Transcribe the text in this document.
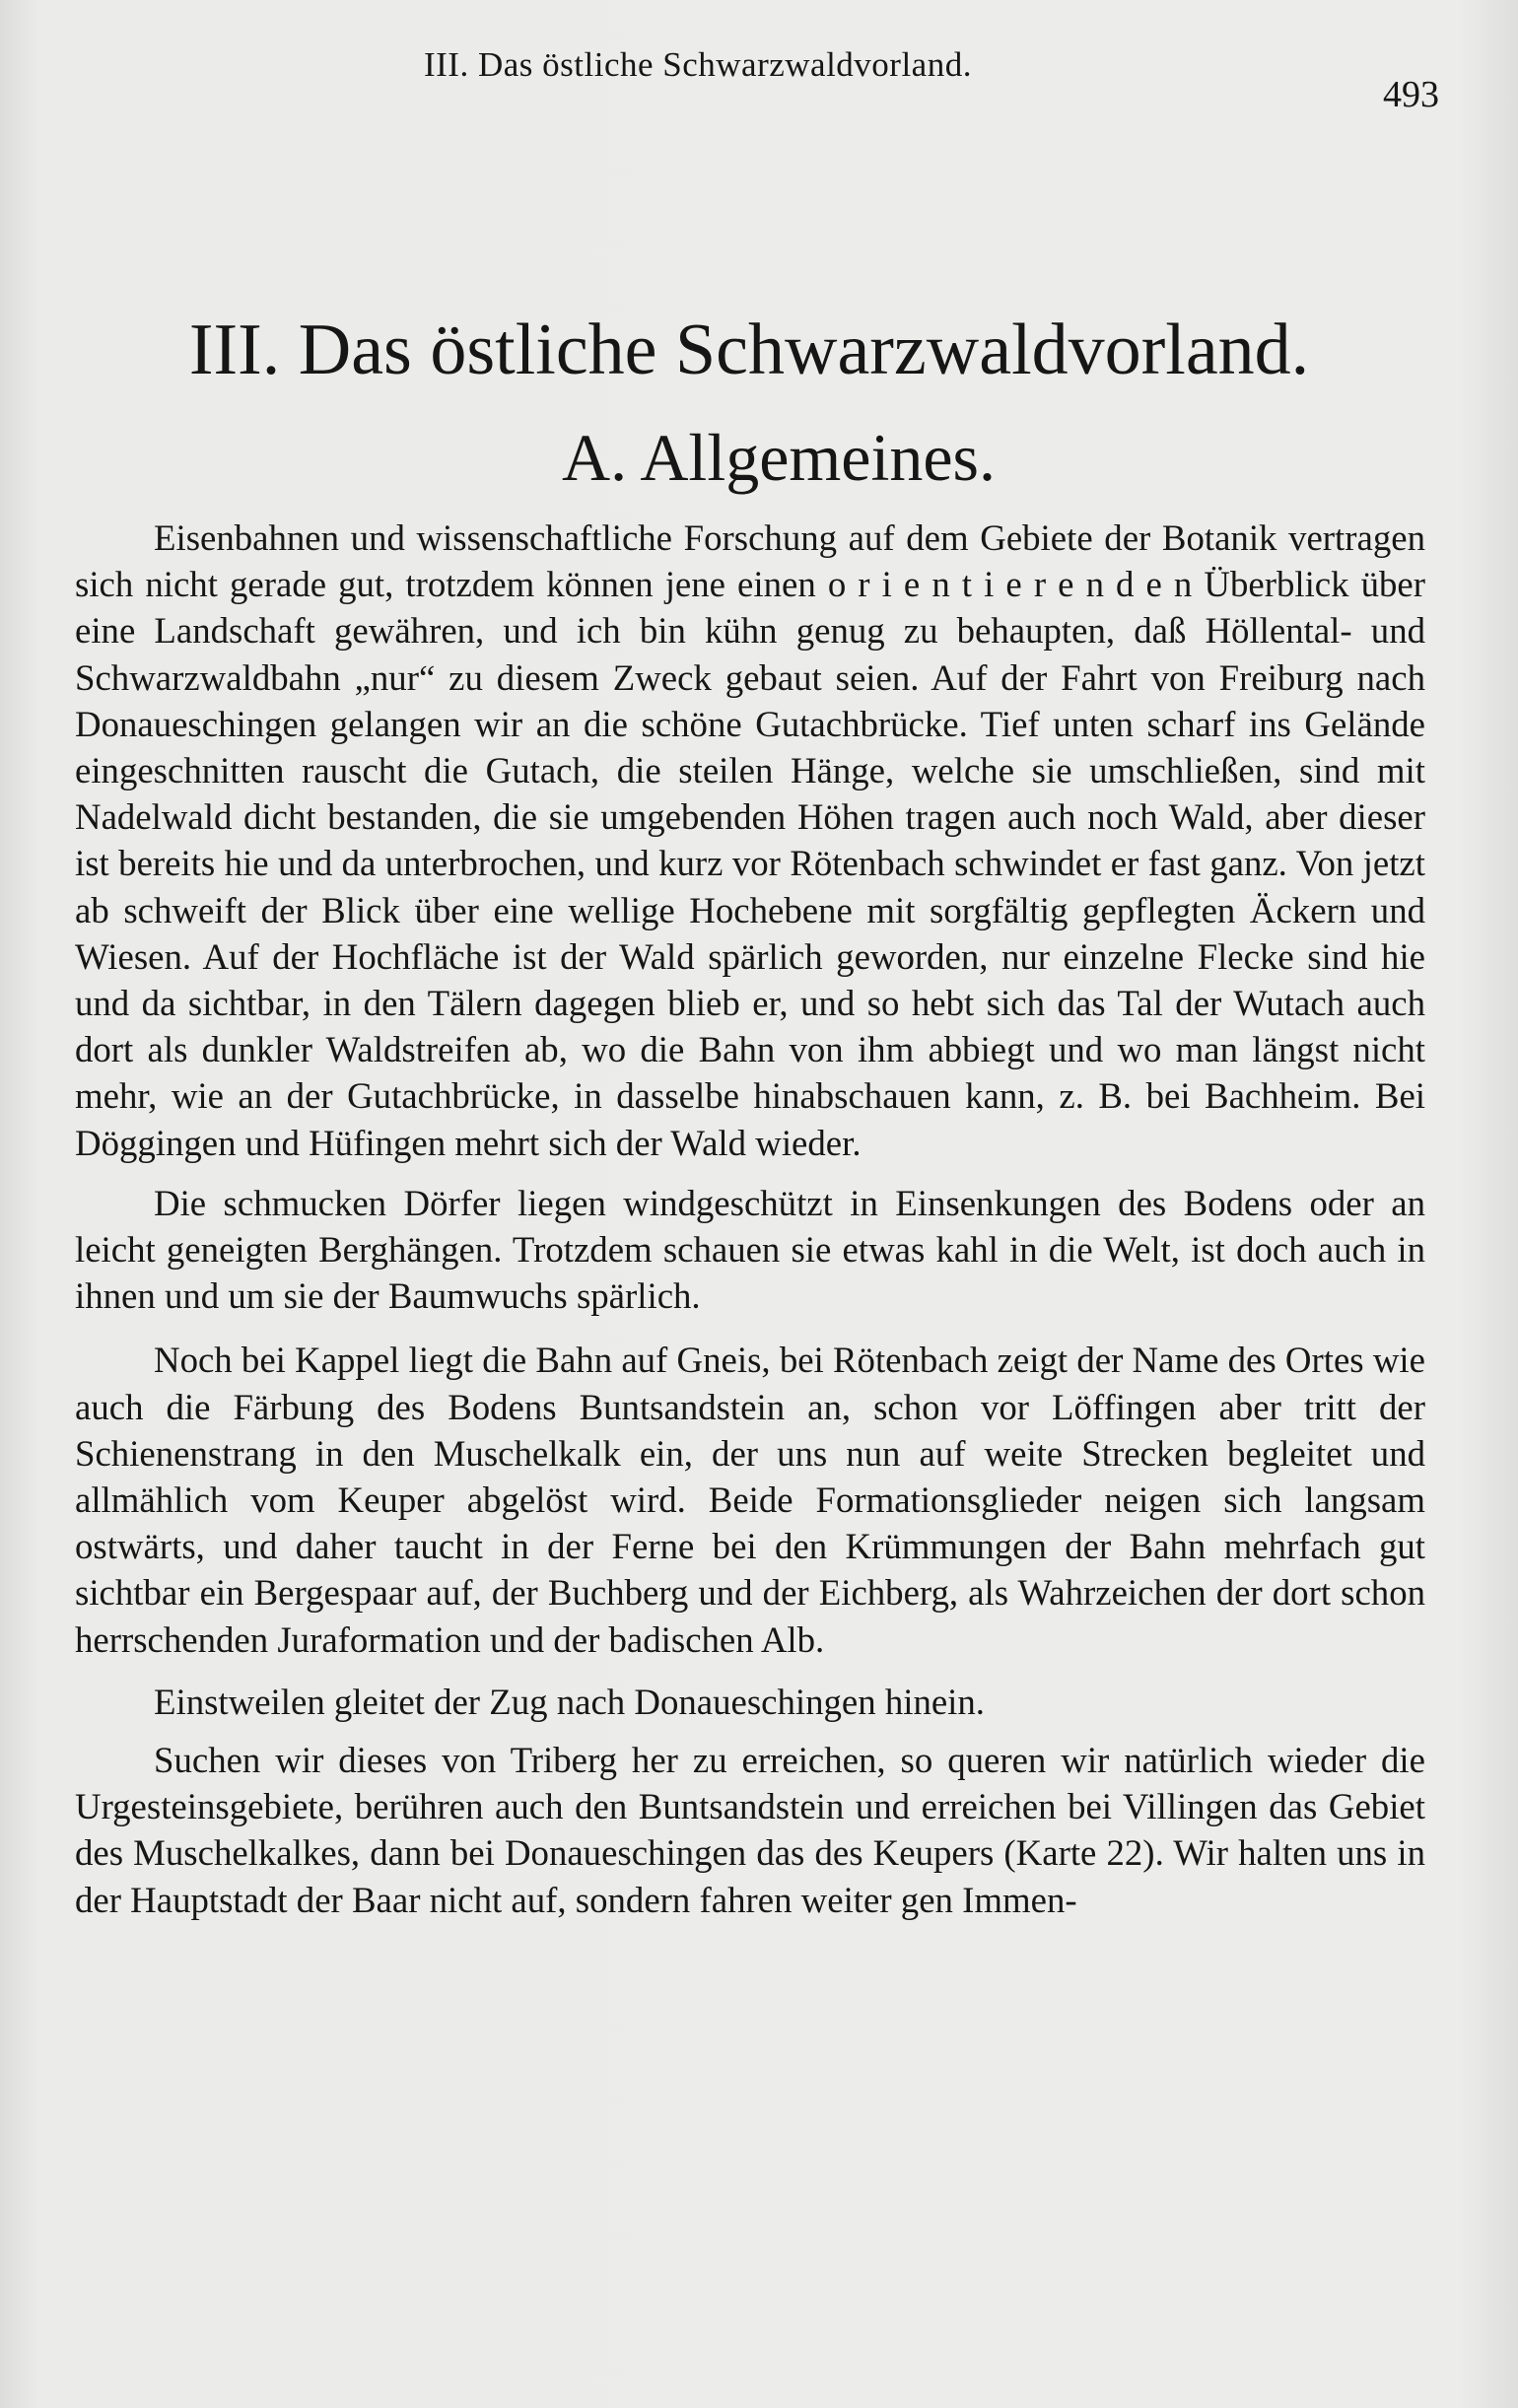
III. Das östliche Schwarzwaldvorland.
493
III. Das östliche Schwarzwaldvorland.
A. Allgemeines.

Eisenbahnen und wissenschaftliche Forschung auf dem Gebiete der Botanik vertragen sich nicht gerade gut, trotzdem können jene einen o r i e n t i e r e n d e n Überblick über eine Landschaft gewähren, und ich bin kühn genug zu behaupten, daß Höllental- und Schwarzwaldbahn „nur“ zu diesem Zweck gebaut seien. Auf der Fahrt von Freiburg nach Donaueschingen gelangen wir an die schöne Gutachbrücke. Tief unten scharf ins Gelände eingeschnitten rauscht die Gutach, die steilen Hänge, welche sie umschließen, sind mit Nadelwald dicht bestanden, die sie umgebenden Höhen tragen auch noch Wald, aber dieser ist bereits hie und da unterbrochen, und kurz vor Rötenbach schwindet er fast ganz. Von jetzt ab schweift der Blick über eine wellige Hochebene mit sorgfältig gepflegten Äckern und Wiesen. Auf der Hochfläche ist der Wald spärlich geworden, nur einzelne Flecke sind hie und da sichtbar, in den Tälern dagegen blieb er, und so hebt sich das Tal der Wutach auch dort als dunkler Waldstreifen ab, wo die Bahn von ihm abbiegt und wo man längst nicht mehr, wie an der Gutachbrücke, in dasselbe hinabschauen kann, z. B. bei Bachheim. Bei Döggingen und Hüfingen mehrt sich der Wald wieder.

Die schmucken Dörfer liegen windgeschützt in Einsenkungen des Bodens oder an leicht geneigten Berghängen. Trotzdem schauen sie etwas kahl in die Welt, ist doch auch in ihnen und um sie der Baumwuchs spärlich.

Noch bei Kappel liegt die Bahn auf Gneis, bei Rötenbach zeigt der Name des Ortes wie auch die Färbung des Bodens Buntsandstein an, schon vor Löffingen aber tritt der Schienenstrang in den Muschelkalk ein, der uns nun auf weite Strecken begleitet und allmählich vom Keuper abgelöst wird. Beide Formationsglieder neigen sich langsam ostwärts, und daher taucht in der Ferne bei den Krümmungen der Bahn mehrfach gut sichtbar ein Bergespaar auf, der Buchberg und der Eichberg, als Wahrzeichen der dort schon herrschenden Juraformation und der badischen Alb.

Einstweilen gleitet der Zug nach Donaueschingen hinein.

Suchen wir dieses von Triberg her zu erreichen, so queren wir natürlich wieder die Urgesteinsgebiete, berühren auch den Buntsandstein und erreichen bei Villingen das Gebiet des Muschelkalkes, dann bei Donaueschingen das des Keupers (Karte 22). Wir halten uns in der Hauptstadt der Baar nicht auf, sondern fahren weiter gen Immen-
